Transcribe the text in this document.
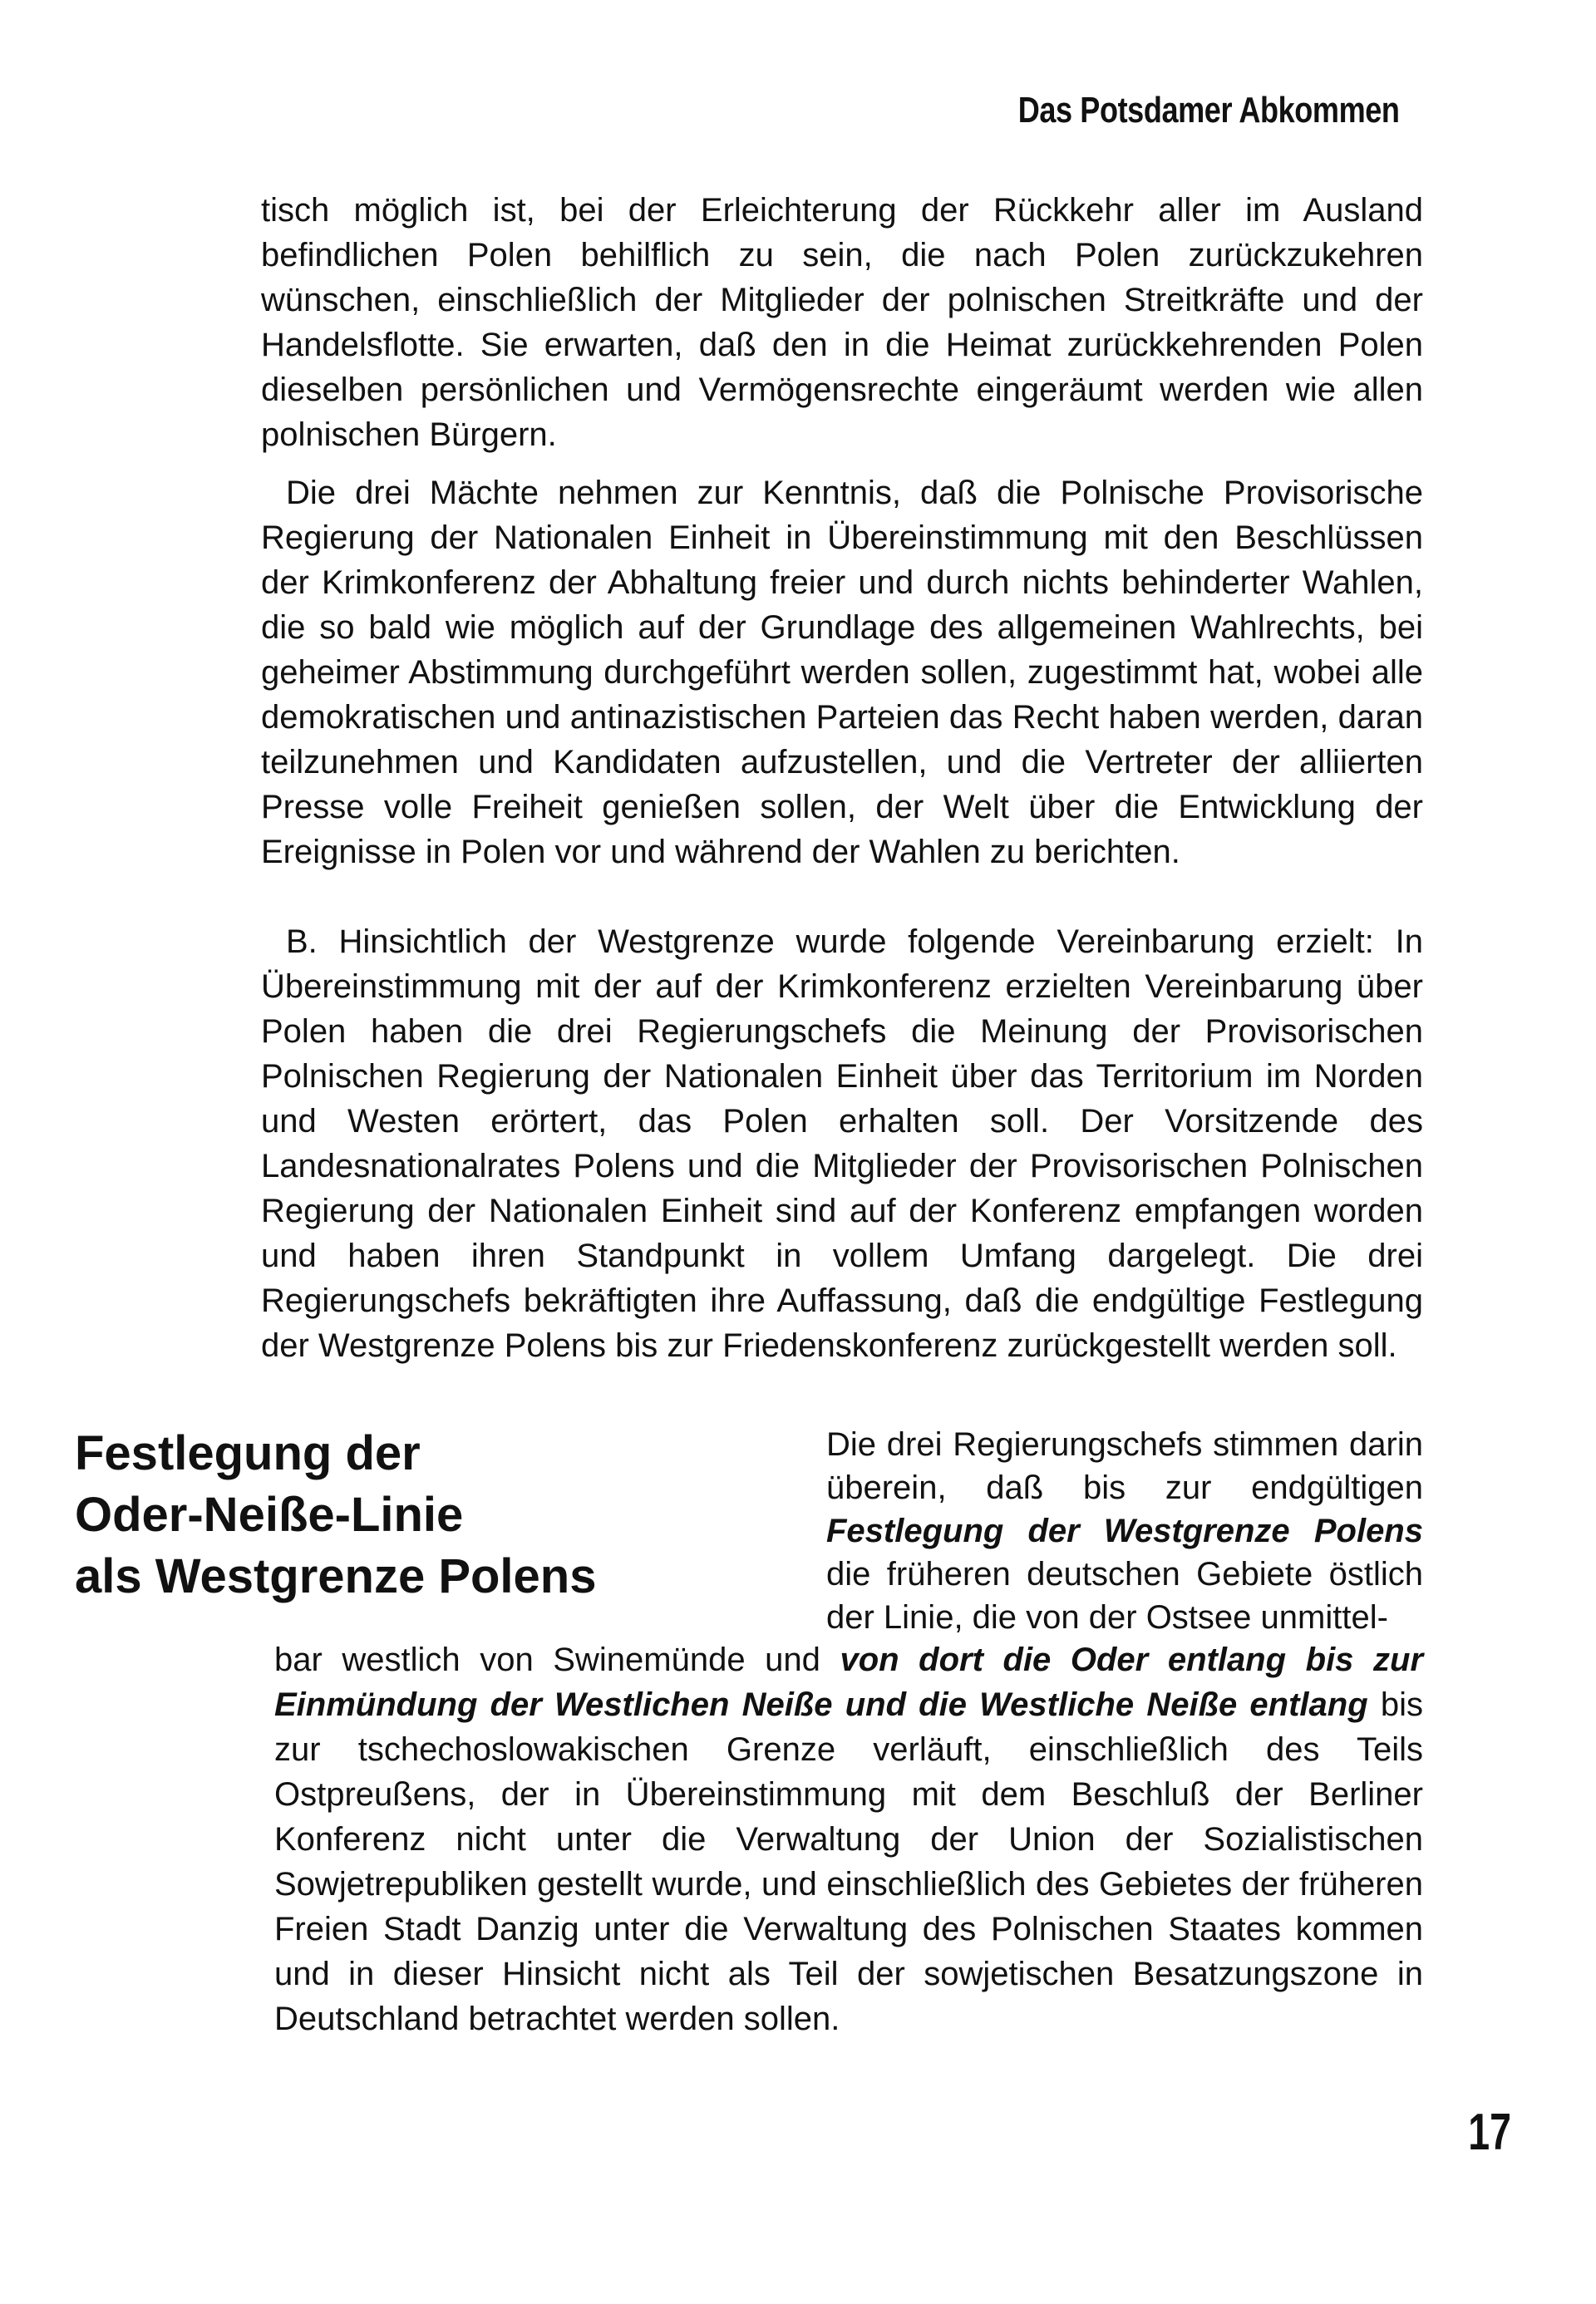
Das Potsdamer Abkommen

tisch möglich ist, bei der Erleichterung der Rückkehr aller im Ausland befindlichen Polen behilflich zu sein, die nach Polen zurückzukehren wünschen, einschließlich der Mitglieder der polnischen Streitkräfte und der Handelsflotte. Sie erwarten, daß den in die Heimat zurückkehrenden Polen dieselben persönlichen und Vermögensrechte eingeräumt werden wie allen polnischen Bürgern.

Die drei Mächte nehmen zur Kenntnis, daß die Polnische Provisorische Regierung der Nationalen Einheit in Übereinstimmung mit den Beschlüssen der Krimkonferenz der Abhaltung freier und durch nichts behinderter Wahlen, die so bald wie möglich auf der Grundlage des allgemeinen Wahlrechts, bei geheimer Abstimmung durchgeführt werden sollen, zugestimmt hat, wobei alle demokratischen und antinazistischen Parteien das Recht haben werden, daran teilzunehmen und Kandidaten aufzustellen, und die Vertreter der alliierten Presse volle Freiheit genießen sollen, der Welt über die Entwicklung der Ereignisse in Polen vor und während der Wahlen zu berichten.

B. Hinsichtlich der Westgrenze wurde folgende Vereinbarung erzielt: In Übereinstimmung mit der auf der Krimkonferenz erzielten Vereinbarung über Polen haben die drei Regierungschefs die Meinung der Provisorischen Polnischen Regierung der Nationalen Einheit über das Territorium im Norden und Westen erörtert, das Polen erhalten soll. Der Vorsitzende des Landesnationalrates Polens und die Mitglieder der Provisorischen Polnischen Regierung der Nationalen Einheit sind auf der Konferenz empfangen worden und haben ihren Standpunkt in vollem Umfang dargelegt. Die drei Regierungschefs bekräftigten ihre Auffassung, daß die endgültige Festlegung der Westgrenze Polens bis zur Friedenskonferenz zurückgestellt werden soll.

Festlegung der
Oder-Neiße-Linie
als Westgrenze Polens

Die drei Regierungschefs stimmen darin überein, daß bis zur endgültigen Festlegung der Westgrenze Polens die früheren deutschen Gebiete östlich der Linie, die von der Ostsee unmittel-

bar westlich von Swinemünde und von dort die Oder entlang bis zur Einmündung der Westlichen Neiße und die Westliche Neiße entlang bis zur tschechoslowakischen Grenze verläuft, einschließlich des Teils Ostpreußens, der in Übereinstimmung mit dem Beschluß der Berliner Konferenz nicht unter die Verwaltung der Union der Sozialistischen Sowjetrepubliken gestellt wurde, und einschließlich des Gebietes der früheren Freien Stadt Danzig unter die Verwaltung des Polnischen Staates kommen und in dieser Hinsicht nicht als Teil der sowjetischen Besatzungszone in Deutschland betrachtet werden sollen.

17
